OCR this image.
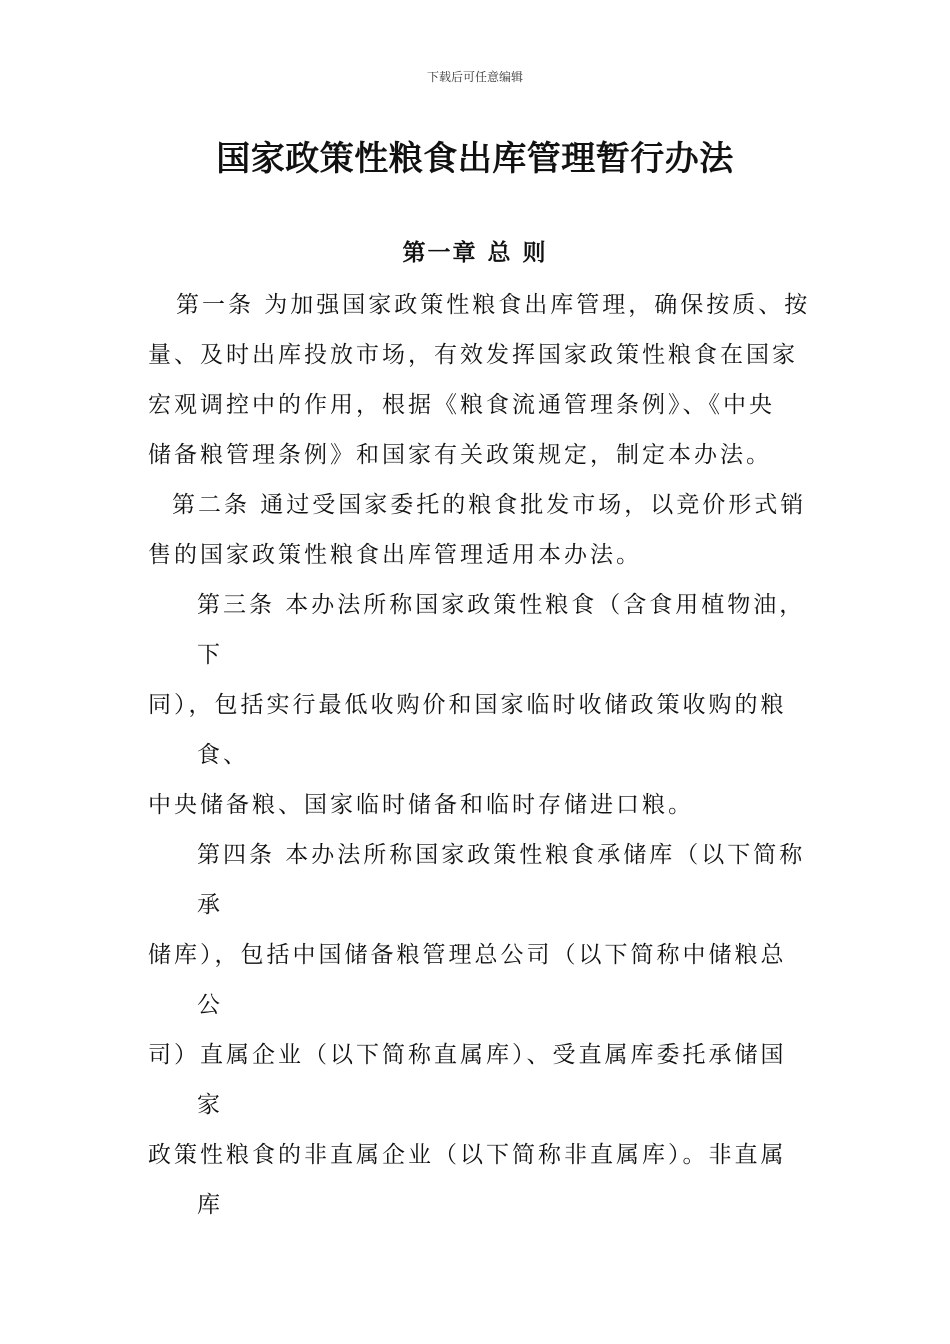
下载后可任意编辑
国家政策性粮食出库管理暂行办法
第一章 总 则
第一条 为加强国家政策性粮食出库管理，确保按质、按
量、及时出库投放市场，有效发挥国家政策性粮食在国家
宏观调控中的作用，根据《粮食流通管理条例》、《中央
储备粮管理条例》和国家有关政策规定，制定本办法。
第二条 通过受国家委托的粮食批发市场，以竞价形式销
售的国家政策性粮食出库管理适用本办法。
第三条 本办法所称国家政策性粮食（含食用植物油，
下
同），包括实行最低收购价和国家临时收储政策收购的粮
食、
中央储备粮、国家临时储备和临时存储进口粮。
第四条 本办法所称国家政策性粮食承储库（以下简称
承
储库），包括中国储备粮管理总公司（以下简称中储粮总
公
司）直属企业（以下简称直属库）、受直属库委托承储国
家
政策性粮食的非直属企业（以下简称非直属库）。非直属
库
